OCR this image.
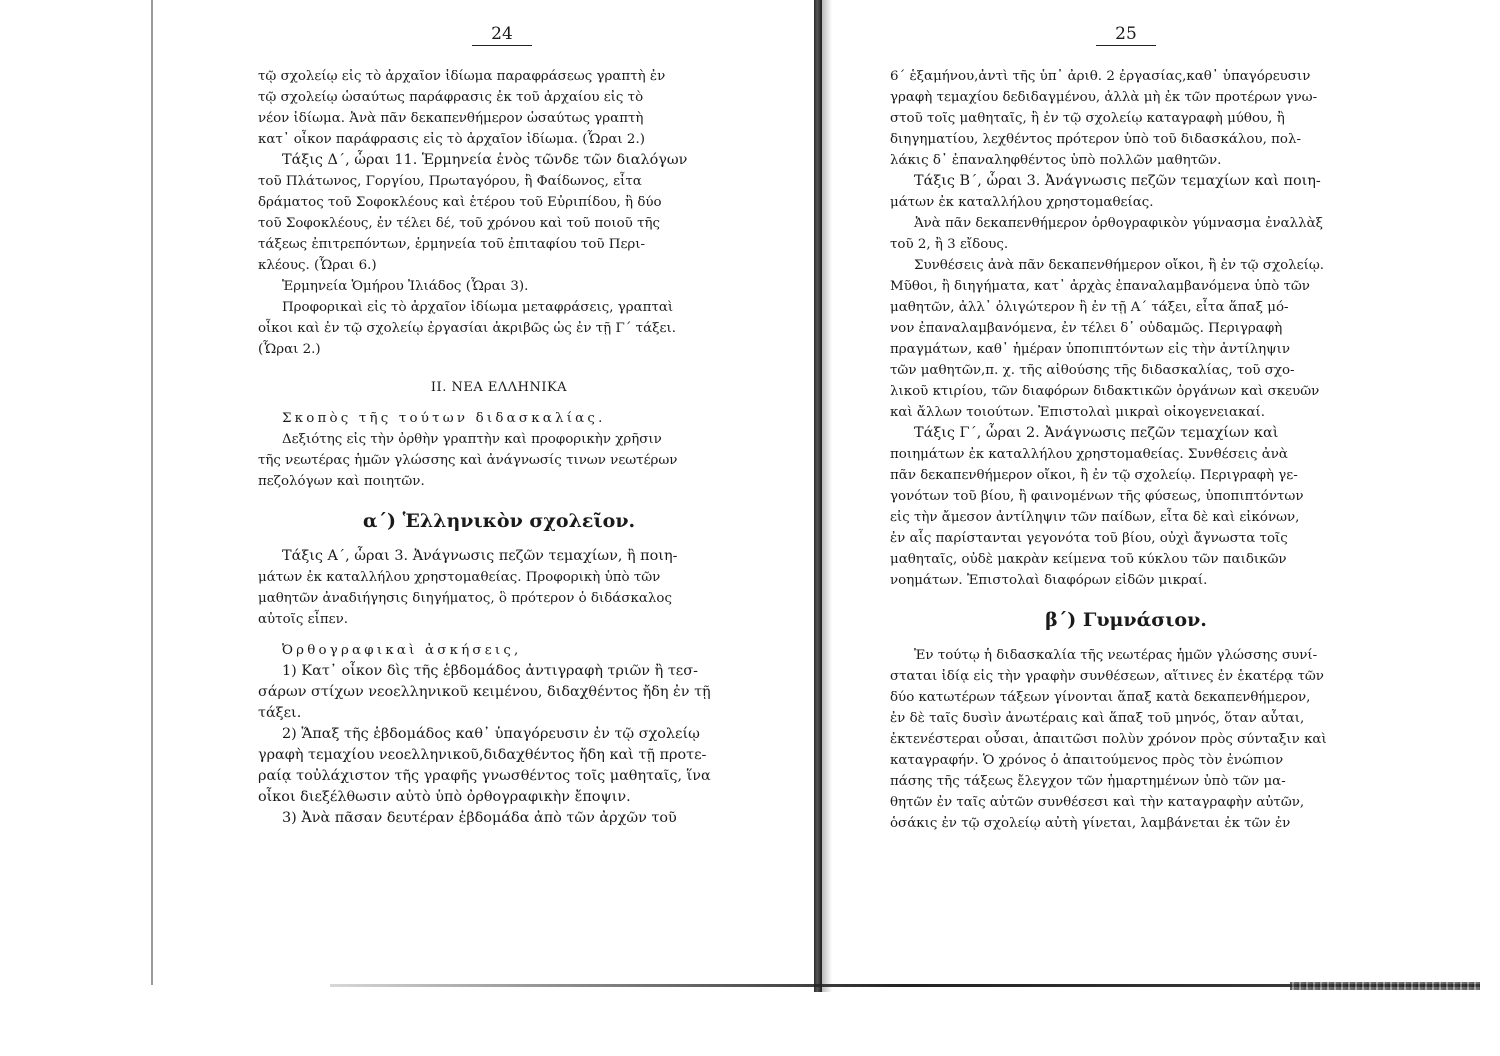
24
τῷ σχολείῳ εἰς τὸ ἀρχαῖον ἰδίωμα παραφράσεως γραπτὴ ἐν
τῷ σχολείῳ ὡσαύτως παράφρασις ἐκ τοῦ ἀρχαίου εἰς τὸ
νέον ἰδίωμα. Ἀνὰ πᾶν δεκαπενθήμερον ὡσαύτως γραπτὴ
κατ᾽ οἶκον παράφρασις εἰς τὸ ἀρχαῖον ἰδίωμα. (Ὧραι 2.)
Τάξις Δ΄, ὧραι 11. Ἑρμηνεία ἑνὸς τῶνδε τῶν διαλόγων
τοῦ Πλάτωνος, Γοργίου, Πρωταγόρου, ἢ Φαίδωνος, εἶτα
δράματος τοῦ Σοφοκλέους καὶ ἑτέρου τοῦ Εὐριπίδου, ἢ δύο
τοῦ Σοφοκλέους, ἐν τέλει δέ, τοῦ χρόνου καὶ τοῦ ποιοῦ τῆς
τάξεως ἐπιτρεπόντων, ἑρμηνεία τοῦ ἐπιταφίου τοῦ Περι-
κλέους. (Ὧραι 6.)
Ἑρμηνεία Ὁμήρου Ἰλιάδος (Ὧραι 3).
Προφορικαὶ εἰς τὸ ἀρχαῖον ἰδίωμα μεταφράσεις, γραπταὶ
οἶκοι καὶ ἐν τῷ σχολείῳ ἐργασίαι ἀκριβῶς ὡς ἐν τῇ Γ΄ τάξει.
(Ὧραι 2.)
II. ΝΕΑ ΕΛΛΗΝΙΚΑ
Σκοπὸς τῆς τούτων διδασκαλίας.
Δεξιότης εἰς τὴν ὀρθὴν γραπτὴν καὶ προφορικὴν χρῆσιν
τῆς νεωτέρας ἡμῶν γλώσσης καὶ ἀνάγνωσίς τινων νεωτέρων
πεζολόγων καὶ ποιητῶν.
α΄) Ἑλληνικὸν σχολεῖον.
Τάξις Α΄, ὧραι 3. Ἀνάγνωσις πεζῶν τεμαχίων, ἢ ποιη-
μάτων ἐκ καταλλήλου χρηστομαθείας. Προφορικὴ ὑπὸ τῶν
μαθητῶν ἀναδιήγησις διηγήματος, ὃ πρότερον ὁ διδάσκαλος
αὐτοῖς εἶπεν.
Ὀρθογραφικαὶ ἀσκήσεις,
1) Κατ᾽ οἶκον δὶς τῆς ἑβδομάδος ἀντιγραφὴ τριῶν ἢ τεσ-
σάρων στίχων νεοελληνικοῦ κειμένου, διδαχθέντος ἤδη ἐν τῇ
τάξει.
2) Ἅπαξ τῆς ἑβδομάδος καθ᾽ ὑπαγόρευσιν ἐν τῷ σχολείῳ
γραφὴ τεμαχίου νεοελληνικοῦ,διδαχθέντος ἤδη καὶ τῇ προτε-
ραίᾳ τοὐλάχιστον τῆς γραφῆς γνωσθέντος τοῖς μαθηταῖς, ἵνα
οἶκοι διεξέλθωσιν αὐτὸ ὑπὸ ὀρθογραφικὴν ἔποψιν.
3) Ἀνὰ πᾶσαν δευτέραν ἑβδομάδα ἀπὸ τῶν ἀρχῶν τοῦ
25
6΄ ἑξαμήνου,ἀντὶ τῆς ὑπ᾽ ἀριθ. 2 ἐργασίας,καθ᾽ ὑπαγόρευσιν
γραφὴ τεμαχίου δεδιδαγμένου, ἀλλὰ μὴ ἐκ τῶν προτέρων γνω-
στοῦ τοῖς μαθηταῖς, ἢ ἐν τῷ σχολείῳ καταγραφὴ μύθου, ἢ
διηγηματίου, λεχθέντος πρότερον ὑπὸ τοῦ διδασκάλου, πολ-
λάκις δ᾽ ἐπαναληφθέντος ὑπὸ πολλῶν μαθητῶν.
Τάξις Β΄, ὧραι 3. Ἀνάγνωσις πεζῶν τεμαχίων καὶ ποιη-
μάτων ἐκ καταλλήλου χρηστομαθείας.
Ἀνὰ πᾶν δεκαπενθήμερον ὀρθογραφικὸν γύμνασμα ἐναλλὰξ
τοῦ 2, ἢ 3 εἴδους.
Συνθέσεις ἀνὰ πᾶν δεκαπενθήμερον οἴκοι, ἢ ἐν τῷ σχολείῳ.
Μῦθοι, ἢ διηγήματα, κατ᾽ ἀρχὰς ἐπαναλαμβανόμενα ὑπὸ τῶν
μαθητῶν, ἀλλ᾽ ὀλιγώτερον ἢ ἐν τῇ Α΄ τάξει, εἶτα ἅπαξ μό-
νον ἐπαναλαμβανόμενα, ἐν τέλει δ᾽ οὐδαμῶς. Περιγραφὴ
πραγμάτων, καθ᾽ ἡμέραν ὑποπιπτόντων εἰς τὴν ἀντίληψιν
τῶν μαθητῶν,π. χ. τῆς αἰθούσης τῆς διδασκαλίας, τοῦ σχο-
λικοῦ κτιρίου, τῶν διαφόρων διδακτικῶν ὀργάνων καὶ σκευῶν
καὶ ἄλλων τοιούτων. Ἐπιστολαὶ μικραὶ οἰκογενειακαί.
Τάξις Γ΄, ὧραι 2. Ἀνάγνωσις πεζῶν τεμαχίων καὶ
ποιημάτων ἐκ καταλλήλου χρηστομαθείας. Συνθέσεις ἀνὰ
πᾶν δεκαπενθήμερον οἴκοι, ἢ ἐν τῷ σχολείῳ. Περιγραφὴ γε-
γονότων τοῦ βίου, ἢ φαινομένων τῆς φύσεως, ὑποπιπτόντων
εἰς τὴν ἄμεσον ἀντίληψιν τῶν παίδων, εἶτα δὲ καὶ εἰκόνων,
ἐν αἷς παρίστανται γεγονότα τοῦ βίου, οὐχὶ ἄγνωστα τοῖς
μαθηταῖς, οὐδὲ μακρὰν κείμενα τοῦ κύκλου τῶν παιδικῶν
νοημάτων. Ἐπιστολαὶ διαφόρων εἰδῶν μικραί.
β΄) Γυμνάσιον.
Ἐν τούτῳ ἡ διδασκαλία τῆς νεωτέρας ἡμῶν γλώσσης συνί-
σταται ἰδίᾳ εἰς τὴν γραφὴν συνθέσεων, αἵτινες ἐν ἑκατέρᾳ τῶν
δύο κατωτέρων τάξεων γίνονται ἅπαξ κατὰ δεκαπενθήμερον,
ἐν δὲ ταῖς δυσὶν ἀνωτέραις καὶ ἅπαξ τοῦ μηνός, ὅταν αὗται,
ἐκτενέστεραι οὖσαι, ἀπαιτῶσι πολὺν χρόνον πρὸς σύνταξιν καὶ
καταγραφήν. Ὁ χρόνος ὁ ἀπαιτούμενος πρὸς τὸν ἐνώπιον
πάσης τῆς τάξεως ἔλεγχον τῶν ἡμαρτημένων ὑπὸ τῶν μα-
θητῶν ἐν ταῖς αὐτῶν συνθέσεσι καὶ τὴν καταγραφὴν αὐτῶν,
ὁσάκις ἐν τῷ σχολείῳ αὐτὴ γίνεται, λαμβάνεται ἐκ τῶν ἐν
